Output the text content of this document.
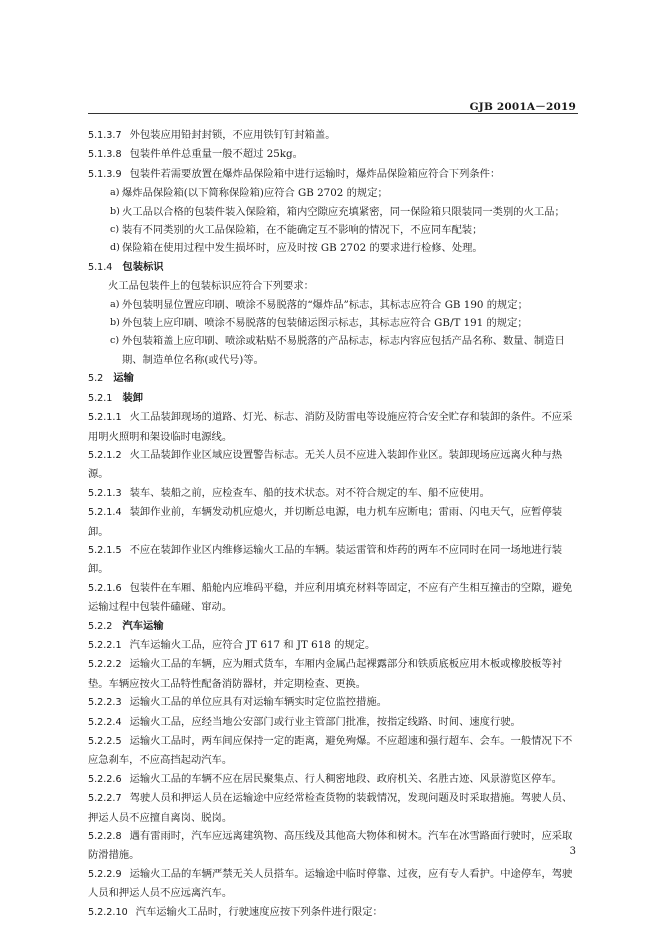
GJB 2001A－2019

5.1.3.7 外包装应用铅封封锁，不应用铁钉钉封箱盖。

5.1.3.8 包装件单件总重量一般不超过 25kg。

5.1.3.9 包装件若需要放置在爆炸品保险箱中进行运输时，爆炸品保险箱应符合下列条件：

a) 爆炸品保险箱(以下简称保险箱)应符合 GB 2702 的规定；

b) 火工品以合格的包装件装入保险箱，箱内空隙应充填紧密，同一保险箱只限装同一类别的火工品；

c) 装有不同类别的火工品保险箱，在不能确定互不影响的情况下，不应同车配装；

d) 保险箱在使用过程中发生损坏时，应及时按 GB 2702 的要求进行检修、处理。

5.1.4 包装标识

火工品包装件上的包装标识应符合下列要求：

a) 外包装明显位置应印刷、喷涂不易脱落的“爆炸品”标志，其标志应符合 GB 190 的规定；

b) 外包装上应印刷、喷涂不易脱落的包装储运图示标志，其标志应符合 GB/T 191 的规定；

c) 外包装箱盖上应印刷、喷涂或粘贴不易脱落的产品标志，标志内容应包括产品名称、数量、制造日期、制造单位名称(或代号)等。

5.2 运输

5.2.1 装卸

5.2.1.1 火工品装卸现场的道路、灯光、标志、消防及防雷电等设施应符合安全贮存和装卸的条件。不应采用明火照明和架设临时电源线。

5.2.1.2 火工品装卸作业区域应设置警告标志。无关人员不应进入装卸作业区。装卸现场应远离火种与热源。

5.2.1.3 装车、装船之前，应检查车、船的技术状态。对不符合规定的车、船不应使用。

5.2.1.4 装卸作业前，车辆发动机应熄火，并切断总电源，电力机车应断电；雷雨、闪电天气，应暂停装卸。

5.2.1.5 不应在装卸作业区内维修运输火工品的车辆。装运雷管和炸药的两车不应同时在同一场地进行装卸。

5.2.1.6 包装件在车厢、船舱内应堆码平稳，并应利用填充材料等固定，不应有产生相互撞击的空隙，避免运输过程中包装件磕碰、窜动。

5.2.2 汽车运输

5.2.2.1 汽车运输火工品，应符合 JT 617 和 JT 618 的规定。

5.2.2.2 运输火工品的车辆，应为厢式货车，车厢内金属凸起裸露部分和铁质底板应用木板或橡胶板等衬垫。车辆应按火工品特性配备消防器材，并定期检查、更换。

5.2.2.3 运输火工品的单位应具有对运输车辆实时定位监控措施。

5.2.2.4 运输火工品，应经当地公安部门或行业主管部门批准，按指定线路、时间、速度行驶。

5.2.2.5 运输火工品时，两车间应保持一定的距离，避免殉爆。不应超速和强行超车、会车。一般情况下不应急刹车，不应高挡起动汽车。

5.2.2.6 运输火工品的车辆不应在居民聚集点、行人稠密地段、政府机关、名胜古迹、风景游览区停车。

5.2.2.7 驾驶人员和押运人员在运输途中应经常检查货物的装载情况，发现问题及时采取措施。驾驶人员、押运人员不应擅自离岗、脱岗。

5.2.2.8 遇有雷雨时，汽车应远离建筑物、高压线及其他高大物体和树木。汽车在冰雪路面行驶时，应采取防滑措施。

5.2.2.9 运输火工品的车辆严禁无关人员搭车。运输途中临时停靠、过夜，应有专人看护。中途停车，驾驶人员和押运人员不应远离汽车。

5.2.2.10 汽车运输火工品时，行驶速度应按下列条件进行限定：

3
